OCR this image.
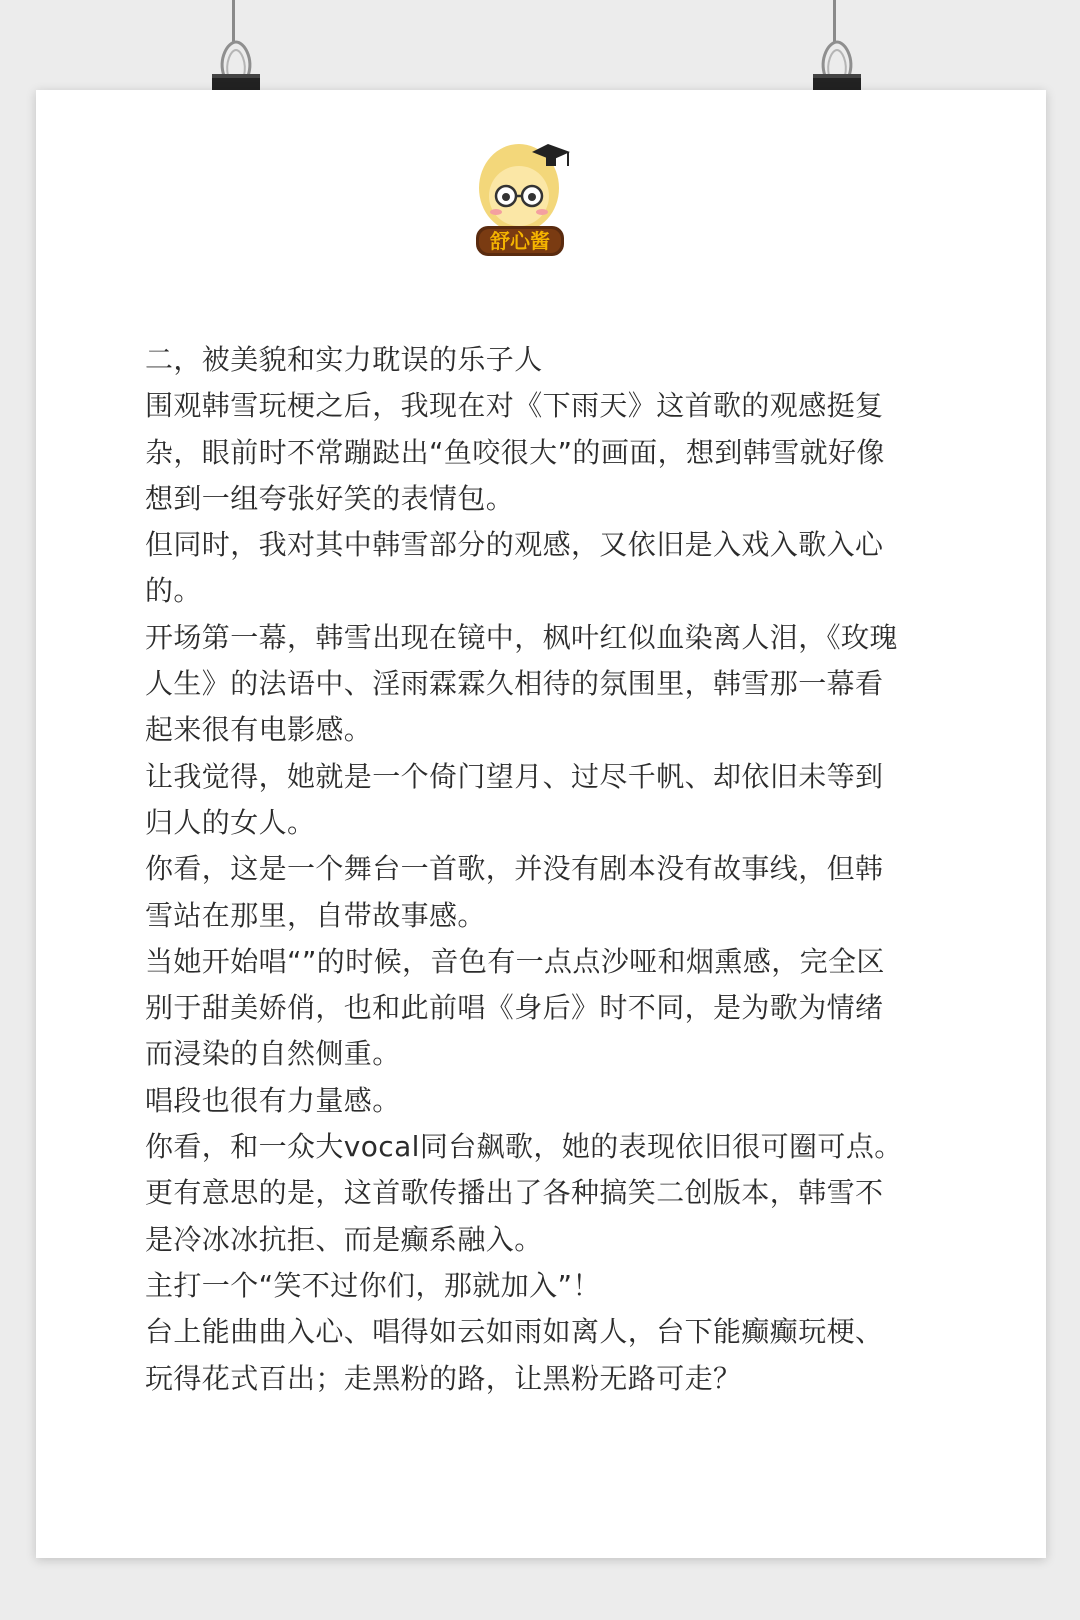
舒心酱

二，被美貌和实力耽误的乐子人

围观韩雪玩梗之后，我现在对《下雨天》这首歌的观感挺复杂，眼前时不常蹦跶出“鱼咬很大”的画面，想到韩雪就好像想到一组夸张好笑的表情包。

但同时，我对其中韩雪部分的观感，又依旧是入戏入歌入心的。

开场第一幕，韩雪出现在镜中，枫叶红似血染离人泪，《玫瑰人生》的法语中、淫雨霖霖久相待的氛围里，韩雪那一幕看起来很有电影感。

让我觉得，她就是一个倚门望月、过尽千帆、却依旧未等到归人的女人。

你看，这是一个舞台一首歌，并没有剧本没有故事线，但韩雪站在那里，自带故事感。

当她开始唱“”的时候，音色有一点点沙哑和烟熏感，完全区别于甜美娇俏，也和此前唱《身后》时不同，是为歌为情绪而浸染的自然侧重。

唱段也很有力量感。

你看，和一众大vocal同台飙歌，她的表现依旧很可圈可点。

更有意思的是，这首歌传播出了各种搞笑二创版本，韩雪不是冷冰冰抗拒、而是癫系融入。

主打一个“笑不过你们，那就加入”！

台上能曲曲入心、唱得如云如雨如离人，台下能癫癫玩梗、玩得花式百出；走黑粉的路，让黑粉无路可走？
